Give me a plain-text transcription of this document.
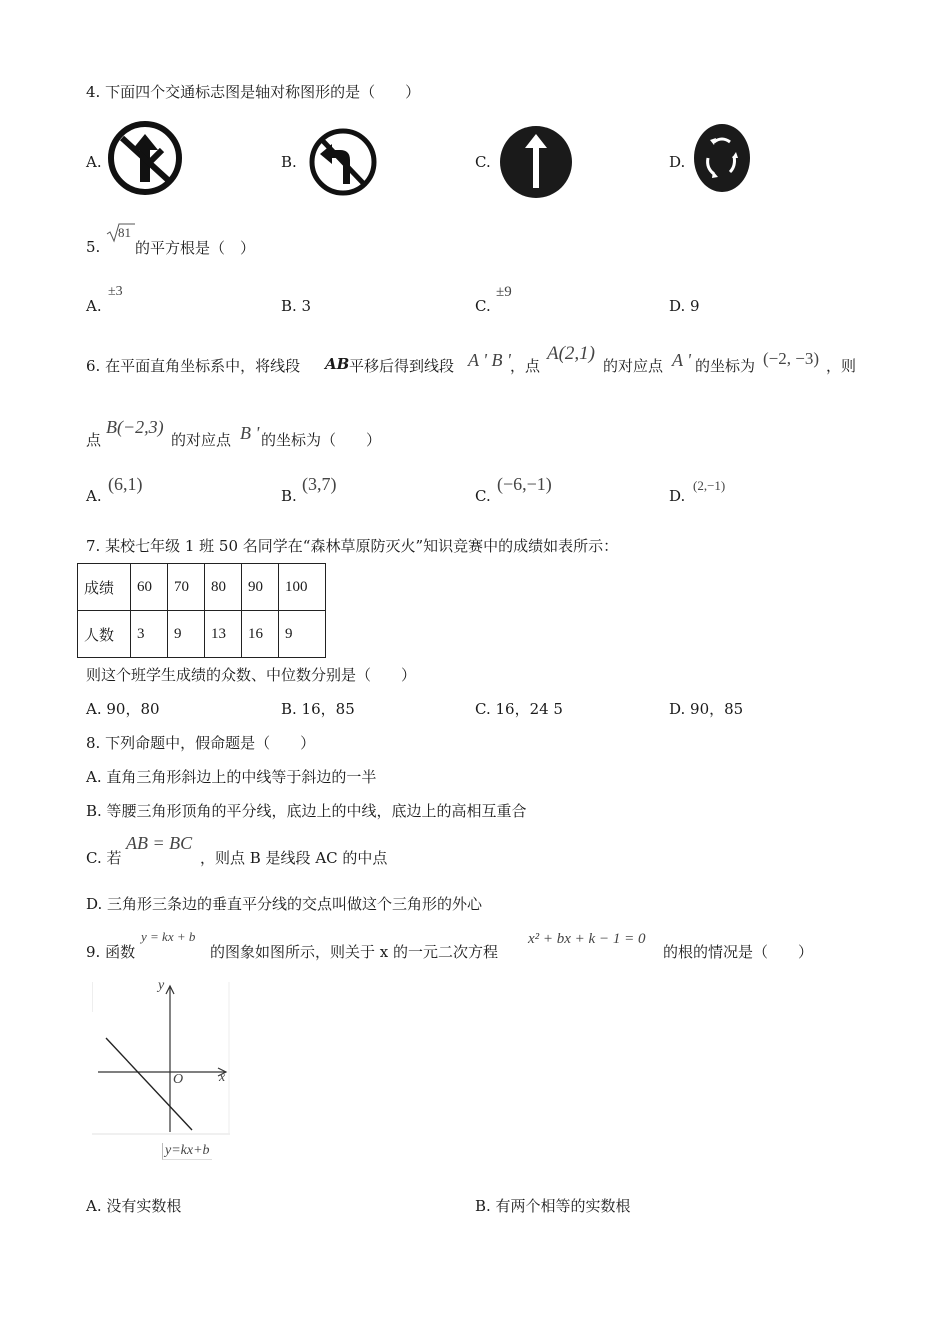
4. 下面四个交通标志图是轴对称图形的是（　　）
A.	B.	C.	D.
5.
81
的平方根是（　）
A.
±3
B. 3	C.
±9
D. 9
6. 在平面直角坐标系中，将线段 AB 平移后得到线段 A ' B ' ，点
A(2,1)
的对应点 A ' 的坐标为 (−2, −3) ，则
点
B(−2,3)
的对应点 B ' 的坐标为（　　）
A.
(6,1)
B.
(3,7)
C.
(−6,−1)
D.
(2,−1)
7. 某校七年级 1 班 50 名同学在“森林草原防灭火”知识竞赛中的成绩如表所示：
成绩	60	70	80	90	100
人数	3	9	13	16	9
则这个班学生成绩的众数、中位数分别是（　　）
A. 90，80	B. 16，85	C. 16，24 5	D. 90，85
8. 下列命题中，假命题是（　　）
A. 直角三角形斜边上的中线等于斜边的一半
B. 等腰三角形顶角的平分线，底边上的中线，底边上的高相互重合
C. 若
AB = BC
，则点 B 是线段 AC 的中点
D. 三角形三条边的垂直平分线的交点叫做这个三角形的外心
9. 函数
y = kx + b
的图象如图所示，则关于 x 的一元二次方程
x² + bx + k − 1 = 0
的根的情况是（　　）
y
x
O
y=kx+b
A. 没有实数根	B. 有两个相等的实数根
